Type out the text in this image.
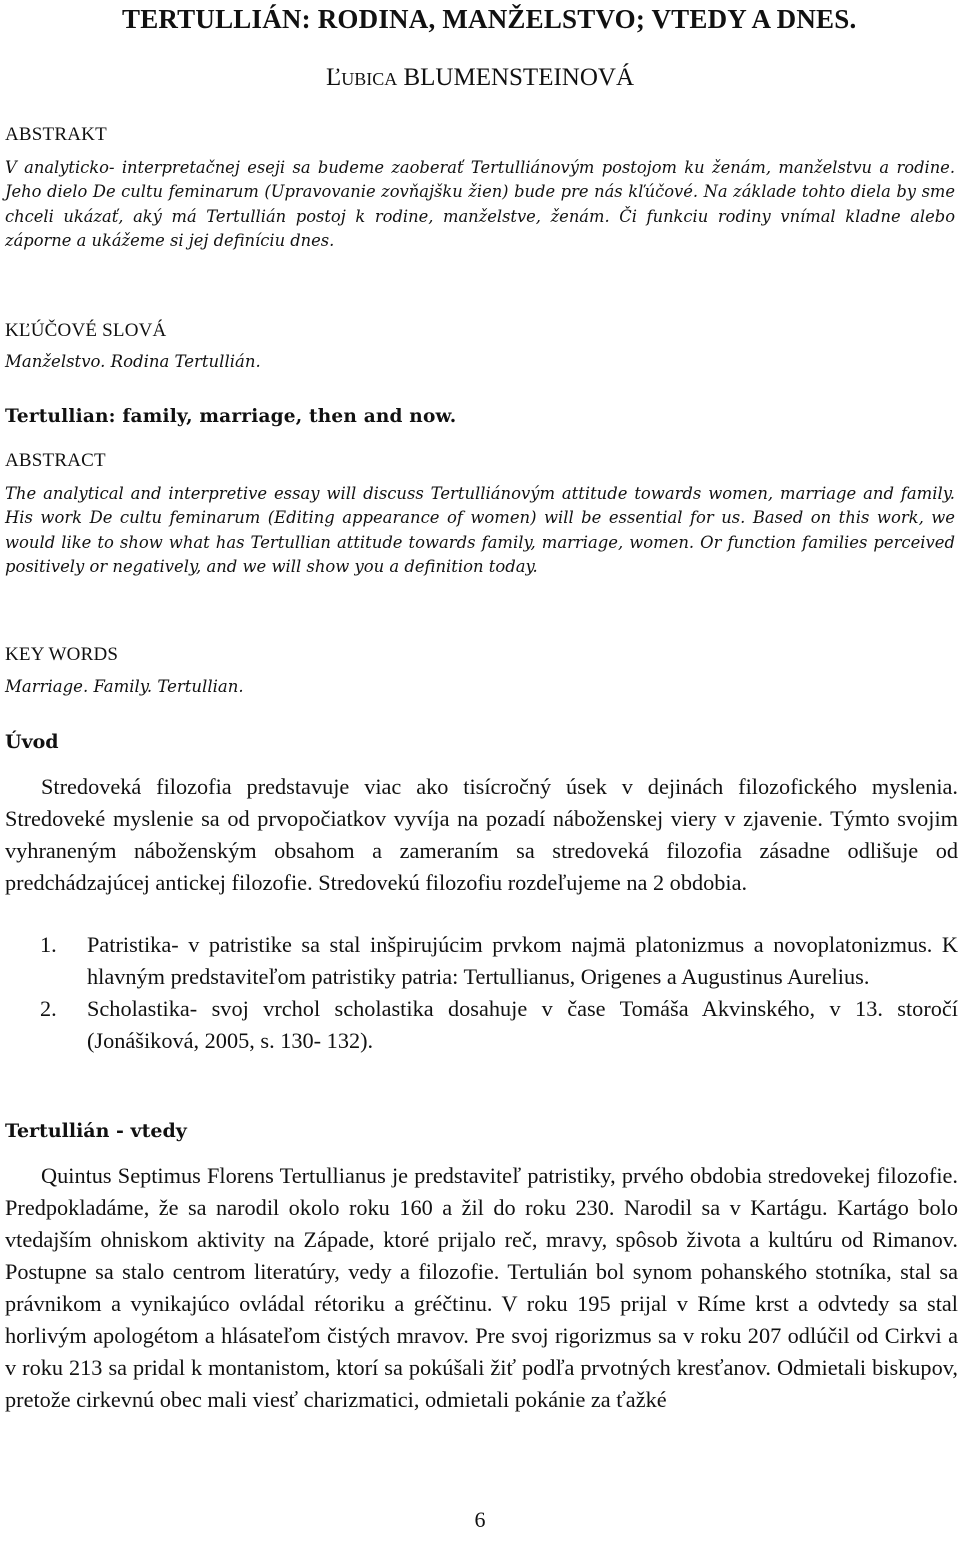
TERTULLIÁN: RODINA, MANŽELSTVO; VTEDY A DNES.
Ľubica BLUMENSTEINOVÁ
ABSTRAKT

V analyticko- interpretačnej eseji sa budeme zaoberať Tertulliánovým postojom ku ženám, manželstvu a rodine. Jeho dielo De cultu feminarum (Upravovanie zovňajšku žien) bude pre nás kľúčové. Na základe tohto diela by sme chceli ukázať, aký má Tertullián postoj k rodine, manželstve, ženám. Či funkciu rodiny vnímal kladne alebo záporne a ukážeme si jej definíciu dnes.

KĽÚČOVÉ SLOVÁ

Manželstvo. Rodina Tertullián.

Tertullian: family, marriage, then and now.

ABSTRACT

The analytical and interpretive essay will discuss Tertulliánovým attitude towards women, marriage and family. His work De cultu feminarum (Editing appearance of women) will be essential for us. Based on this work, we would like to show what has Tertullian attitude towards family, marriage, women. Or function families perceived positively or negatively, and we will show you a definition today.

KEY WORDS

Marriage. Family. Tertullian.

Úvod

Stredoveká filozofia predstavuje viac ako tisícročný úsek v dejinách filozofického myslenia. Stredoveké myslenie sa od prvopočiatkov vyvíja na pozadí náboženskej viery v zjavenie. Týmto svojim vyhraneným náboženským obsahom a zameraním sa stredoveká filozofia zásadne odlišuje od predchádzajúcej antickej filozofie. Stredovekú filozofiu rozdeľujeme na 2 obdobia.

1. Patristika- v patristike sa stal inšpirujúcim prvkom najmä platonizmus a novoplatonizmus. K hlavným predstaviteľom patristiky patria: Tertullianus, Origenes a Augustinus Aurelius.
2. Scholastika- svoj vrchol scholastika dosahuje v čase Tomáša Akvinského, v 13. storočí (Jonášiková, 2005, s. 130- 132).
Tertullián - vtedy

Quintus Septimus Florens Tertullianus je predstaviteľ patristiky, prvého obdobia stredovekej filozofie. Predpokladáme, že sa narodil okolo roku 160 a žil do roku 230. Narodil sa v Kartágu. Kartágo bolo vtedajším ohniskom aktivity na Západe, ktoré prijalo reč, mravy, spôsob života a kultúru od Rimanov. Postupne sa stalo centrom literatúry, vedy a filozofie. Tertulián bol synom pohanského stotníka, stal sa právnikom a vynikajúco ovládal rétoriku a gréčtinu. V roku 195 prijal v Ríme krst a odvtedy sa stal horlivým apologétom a hlásateľom čistých mravov. Pre svoj rigorizmus sa v roku 207 odlúčil od Cirkvi a v roku 213 sa pridal k montanistom, ktorí sa pokúšali žiť podľa prvotných kresťanov. Odmietali biskupov, pretože cirkevnú obec mali viesť charizmatici, odmietali pokánie za ťažké

6
